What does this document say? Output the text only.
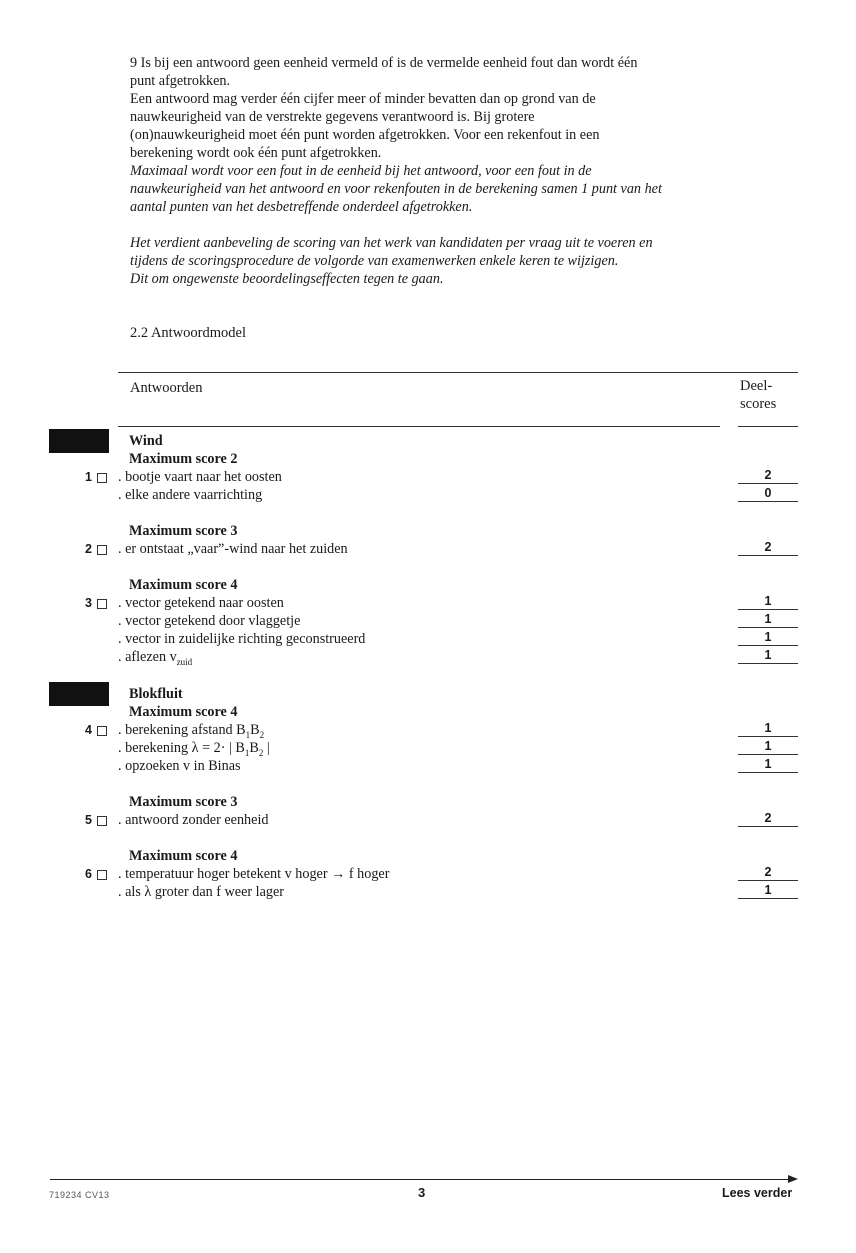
9 Is bij een antwoord geen eenheid vermeld of is de vermelde eenheid fout dan wordt één

punt afgetrokken.

Een antwoord mag verder één cijfer meer of minder bevatten dan op grond van de

nauwkeurigheid van de verstrekte gegevens verantwoord is. Bij grotere

(on)nauwkeurigheid moet één punt worden afgetrokken. Voor een rekenfout in een

berekening wordt ook één punt afgetrokken.

Maximaal wordt voor een fout in de eenheid bij het antwoord, voor een fout in de

nauwkeurigheid van het antwoord en voor rekenfouten in de berekening samen 1 punt van het

aantal punten van het desbetreffende onderdeel afgetrokken.

Het verdient aanbeveling de scoring van het werk van kandidaten per vraag uit te voeren en

tijdens de scoringsprocedure de volgorde van examenwerken enkele keren te wijzigen.

Dit om ongewenste beoordelingseffecten tegen te gaan.

2.2 Antwoordmodel
Antwoorden	Deel-
scores
Wind
Maximum score 2
1 . bootje vaart naar het oosten	2
. elke andere vaarrichting	0
Maximum score 3
2 . er ontstaat „vaar”-wind naar het zuiden	2
Maximum score 4
3 . vector getekend naar oosten	1
. vector getekend door vlaggetje	1
. vector in zuidelijke richting geconstrueerd	1
. aflezen $v_{zuid}$	1
Blokfluit
Maximum score 4
4 . berekening afstand $B_1B_2$	1
. berekening λ = 2· | $B_1B_2$ |	1
. opzoeken v in Binas	1
Maximum score 3
5 . antwoord zonder eenheid	2
Maximum score 4
6 . temperatuur hoger betekent v hoger → f hoger	2
. als λ groter dan f weer lager	1
719234 CV13	3	Lees verder
